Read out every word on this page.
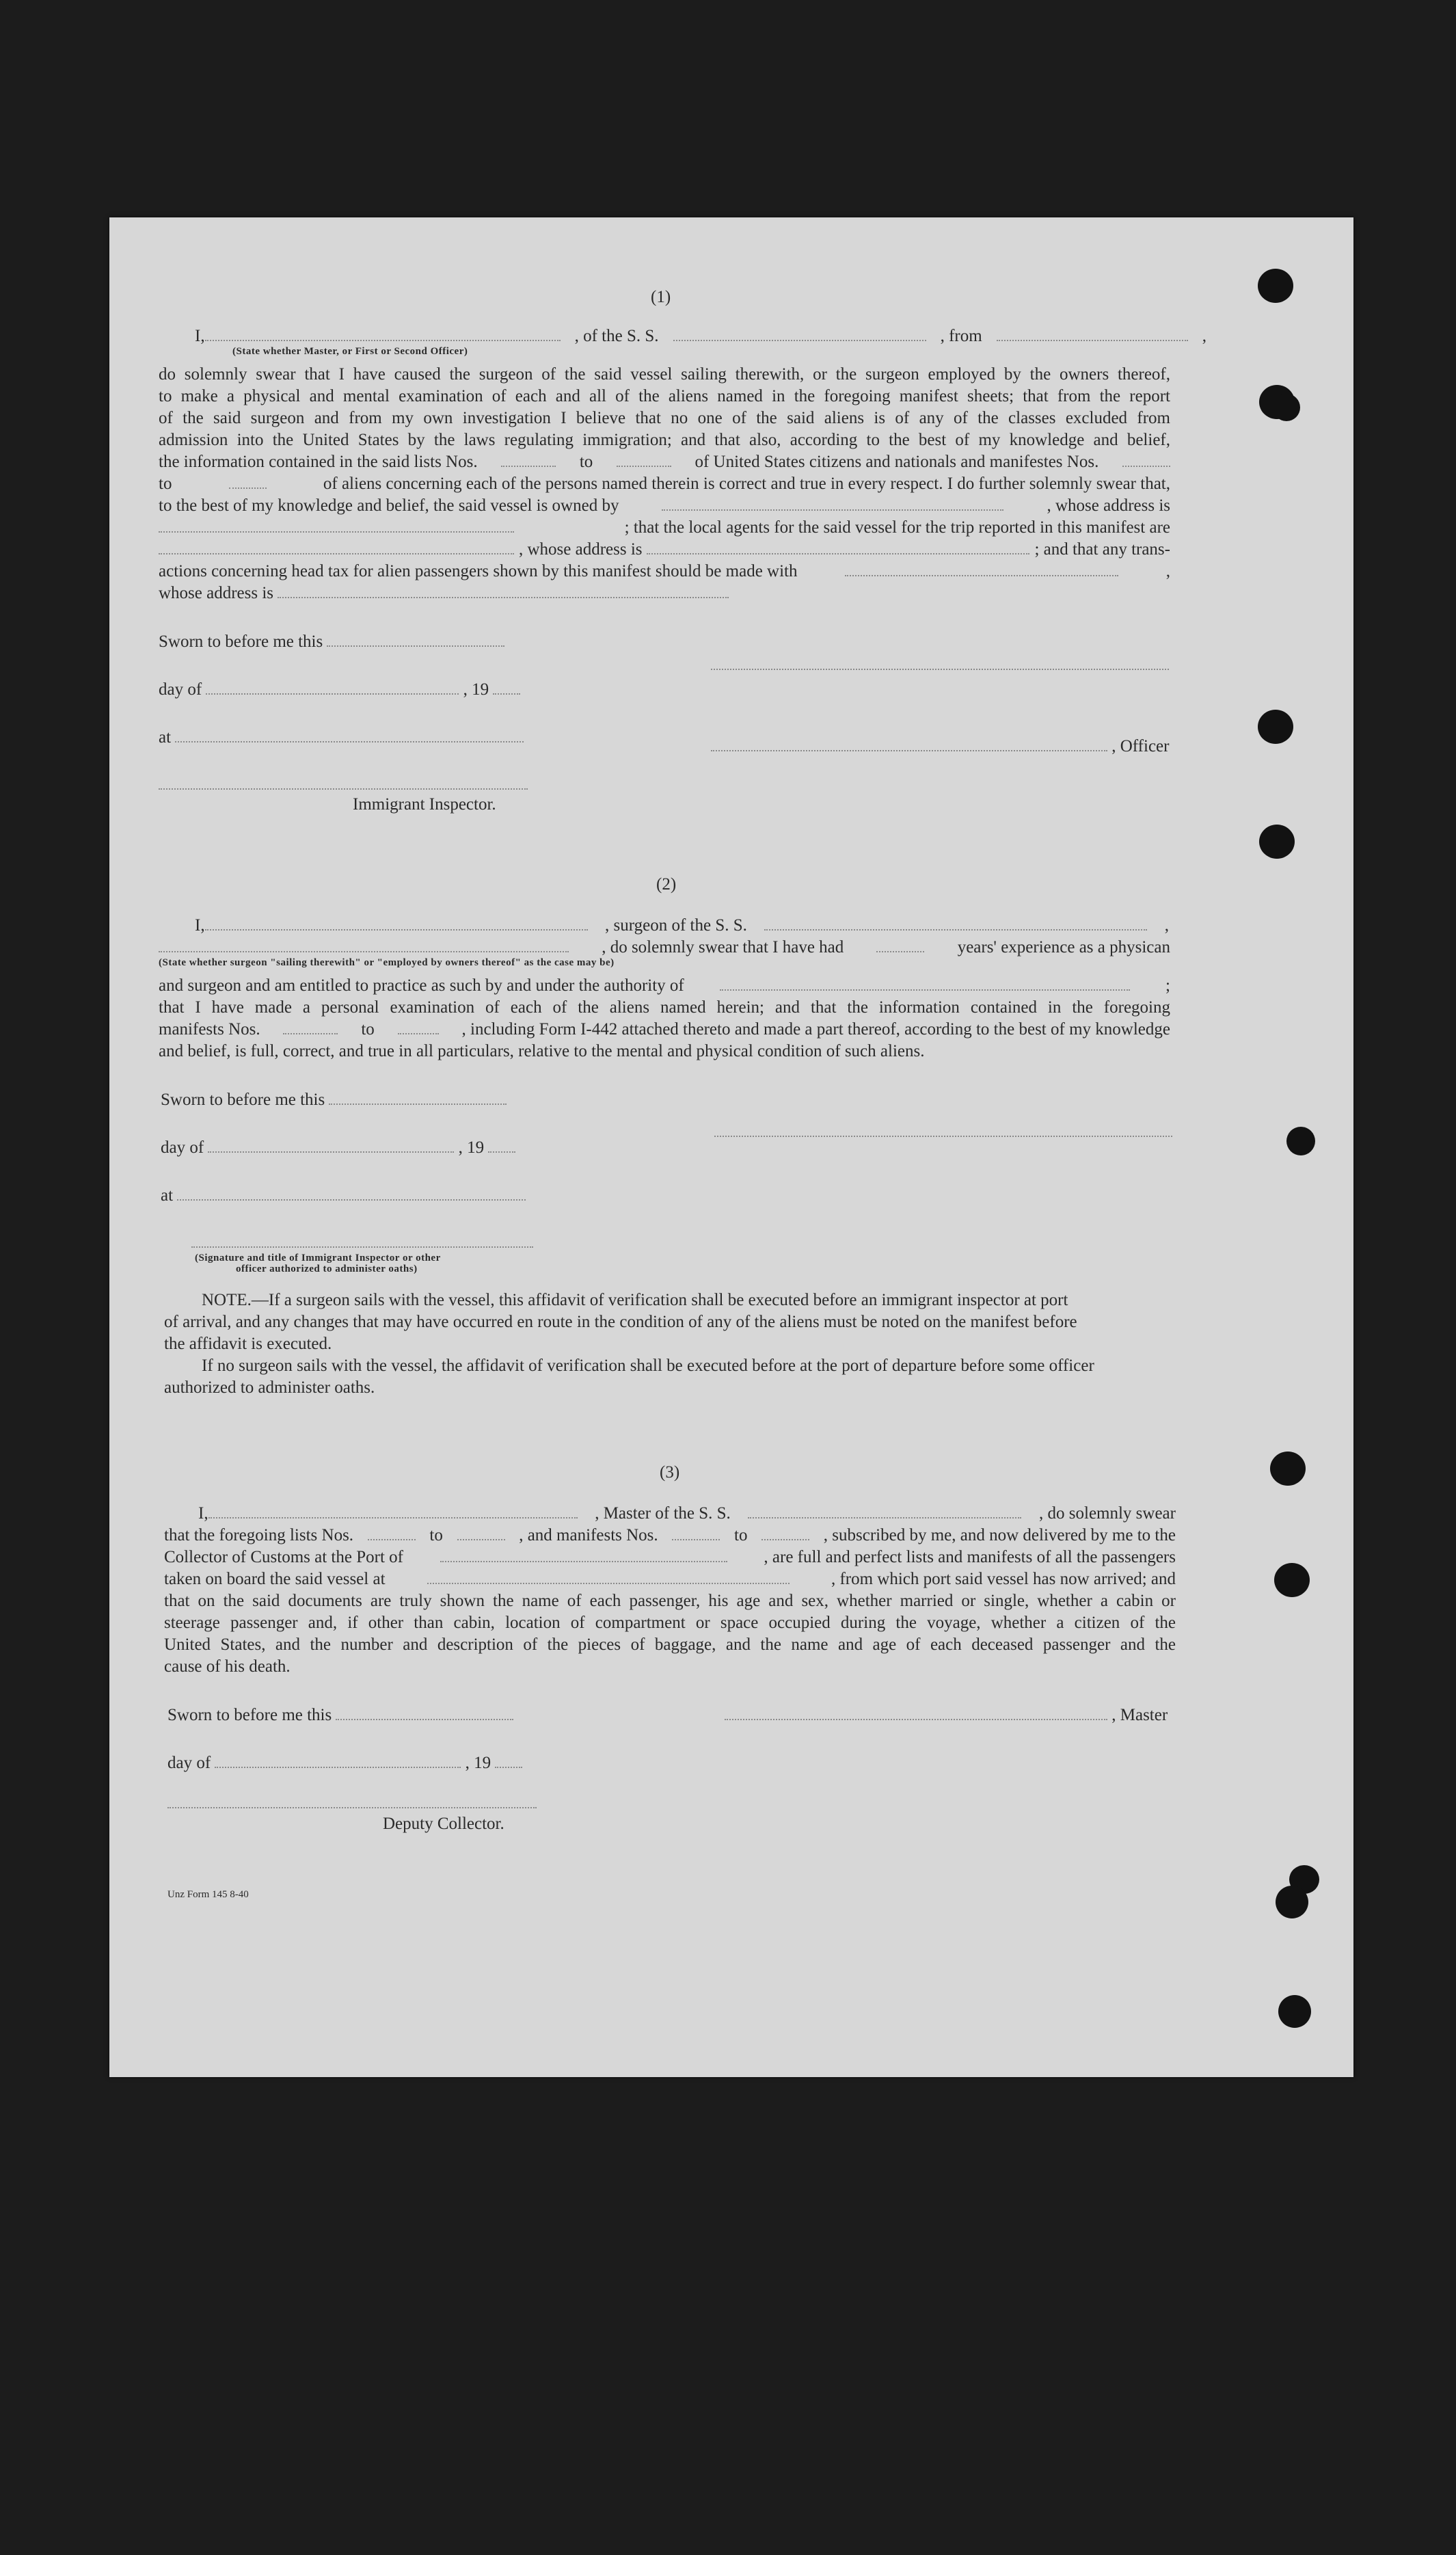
(1)
I,	, of the S. S.	, from	,
(State whether Master, or First or Second Officer)
do solemnly swear that I have caused the surgeon of the said vessel sailing therewith, or the surgeon employed by the owners thereof,
to make a physical and mental examination of each and all of the aliens named in the foregoing manifest sheets; that from the report
of the said surgeon and from my own investigation I believe that no one of the said aliens is of any of the classes excluded from
admission into the United States by the laws regulating immigration; and that also, according to the best of my knowledge and belief,
the information contained in the said lists Nos.	to	of United States citizens and nationals and manifestes Nos.
to	of aliens concerning each of the persons named therein is correct and true in every respect. I do further solemnly swear that,
to the best of my knowledge and belief, the said vessel is owned by	, whose address is
; that the local agents for the said vessel for the trip reported in this manifest are
, whose address is	; and that any trans-
actions concerning head tax for alien passengers shown by this manifest should be made with	,
whose address is
Sworn to before me this
day of	, 19
at	, Officer
Immigrant Inspector.
(2)
I,	, surgeon of the S. S.	,
, do solemnly swear that I have had	years' experience as a physican
(State whether surgeon "sailing therewith" or "employed by owners thereof" as the case may be)
and surgeon and am entitled to practice as such by and under the authority of	;
that I have made a personal examination of each of the aliens named herein; and that the information contained in the foregoing
manifests Nos.	to	, including Form I-442 attached thereto and made a part thereof, according to the best of my knowledge
and belief, is full, correct, and true in all particulars, relative to the mental and physical condition of such aliens.
Sworn to before me this
day of	, 19
at
(Signature and title of Immigrant Inspector or other
officer authorized to administer oaths)
NOTE.—If a surgeon sails with the vessel, this affidavit of verification shall be executed before an immigrant inspector at port
of arrival, and any changes that may have occurred en route in the condition of any of the aliens must be noted on the manifest before
the affidavit is executed.
If no surgeon sails with the vessel, the affidavit of verification shall be executed before at the port of departure before some officer
authorized to administer oaths.
(3)
I,	, Master of the S. S.	, do solemnly swear
that the foregoing lists Nos.	to	, and manifests Nos.	to	, subscribed by me, and now delivered by me to the
Collector of Customs at the Port of	, are full and perfect lists and manifests of all the passengers
taken on board the said vessel at	, from which port said vessel has now arrived; and
that on the said documents are truly shown the name of each passenger, his age and sex, whether married or single, whether a cabin or
steerage passenger and, if other than cabin, location of compartment or space occupied during the voyage, whether a citizen of the
United States, and the number and description of the pieces of baggage, and the name and age of each deceased passenger and the
cause of his death.
Sworn to before me this	, Master
day of	, 19
Deputy Collector.
Unz Form 145 8-40
